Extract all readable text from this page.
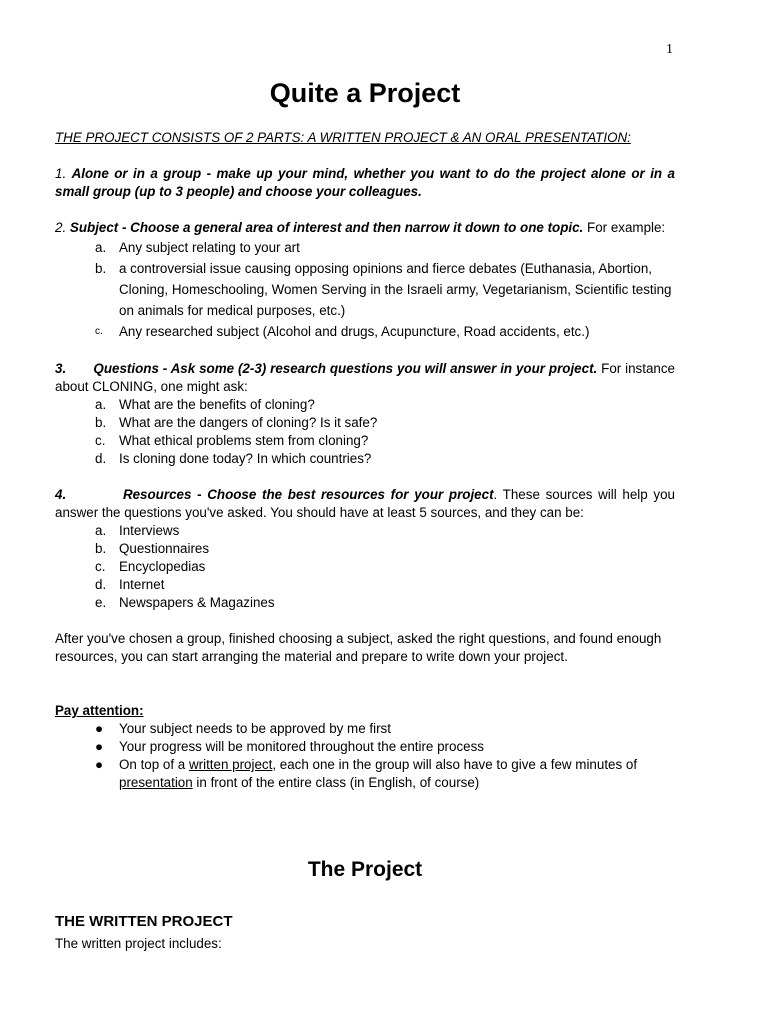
1
Quite a Project

THE PROJECT CONSISTS OF 2 PARTS: A WRITTEN PROJECT & AN ORAL PRESENTATION:

1. Alone or in a group - make up your mind, whether you want to do the project alone or in a small group (up to 3 people) and choose your colleagues.

2. Subject - Choose a general area of interest and then narrow it down to one topic. For example:

a. Any subject relating to your art
b. a controversial issue causing opposing opinions and fierce debates (Euthanasia, Abortion, Cloning, Homeschooling, Women Serving in the Israeli army, Vegetarianism, Scientific testing on animals for medical purposes, etc.)
c. Any researched subject (Alcohol and drugs, Acupuncture, Road accidents, etc.)

3. Questions - Ask some (2-3) research questions you will answer in your project. For instance about CLONING, one might ask:

a. What are the benefits of cloning?
b. What are the dangers of cloning? Is it safe?
c. What ethical problems stem from cloning?
d. Is cloning done today? In which countries?

4.	Resources - Choose the best resources for your project. These sources will help you answer the questions you've asked. You should have at least 5 sources, and they can be:

a. Interviews
b. Questionnaires
c. Encyclopedias
d. Internet
e. Newspapers & Magazines

After you've chosen a group, finished choosing a subject, asked the right questions, and found enough resources, you can start arranging the material and prepare to write down your project.

Pay attention:

● Your subject needs to be approved by me first
● Your progress will be monitored throughout the entire process
● On top of a written project, each one in the group will also have to give a few minutes of presentation in front of the entire class (in English, of course)
The Project
THE WRITTEN PROJECT
The written project includes:
